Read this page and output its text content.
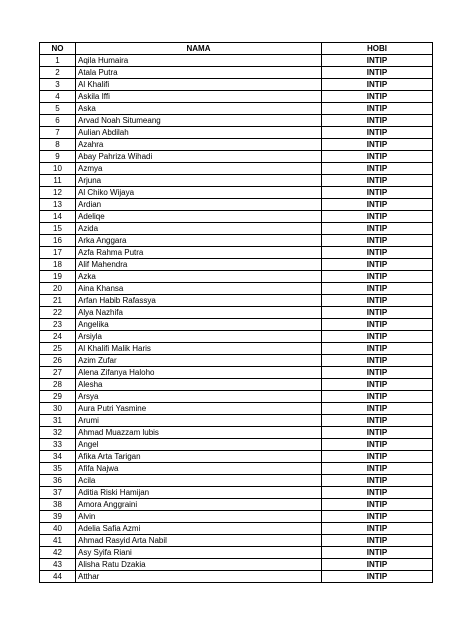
NO	NAMA	HOBI
1	Aqila Humaira	INTIP
2	Atala Putra	INTIP
3	Al Khalifi	INTIP
4	Askila Iffi	INTIP
5	Aska	INTIP
6	Arvad Noah Situmeang	INTIP
7	Aulian Abdilah	INTIP
8	Azahra	INTIP
9	Abay Pahriza Wihadi	INTIP
10	Azmya	INTIP
11	Arjuna	INTIP
12	Al Chiko Wijaya	INTIP
13	Ardian	INTIP
14	Adeliqe	INTIP
15	Azida	INTIP
16	Arka Anggara	INTIP
17	Azfa Rahma Putra	INTIP
18	Alif Mahendra	INTIP
19	Azka	INTIP
20	Aina Khansa	INTIP
21	Arfan Habib Rafassya	INTIP
22	Alya Nazhifa	INTIP
23	Angelika	INTIP
24	Arsiyla	INTIP
25	Al Khalifi Malik Haris	INTIP
26	Azim Zufar	INTIP
27	Alena Zifanya Haloho	INTIP
28	Alesha	INTIP
29	Arsya	INTIP
30	Aura Putri Yasmine	INTIP
31	Arumi	INTIP
32	Ahmad Muazzam lubis	INTIP
33	Angel	INTIP
34	Afika Arta Tarigan	INTIP
35	Afifa Najwa	INTIP
36	Acila	INTIP
37	Aditia Riski Hamijan	INTIP
38	Amora Anggraini	INTIP
39	Alvin	INTIP
40	Adelia Safia Azmi	INTIP
41	Ahmad Rasyid Arta Nabil	INTIP
42	Asy Syifa Riani	INTIP
43	Alisha Ratu Dzakia	INTIP
44	Atthar	INTIP
